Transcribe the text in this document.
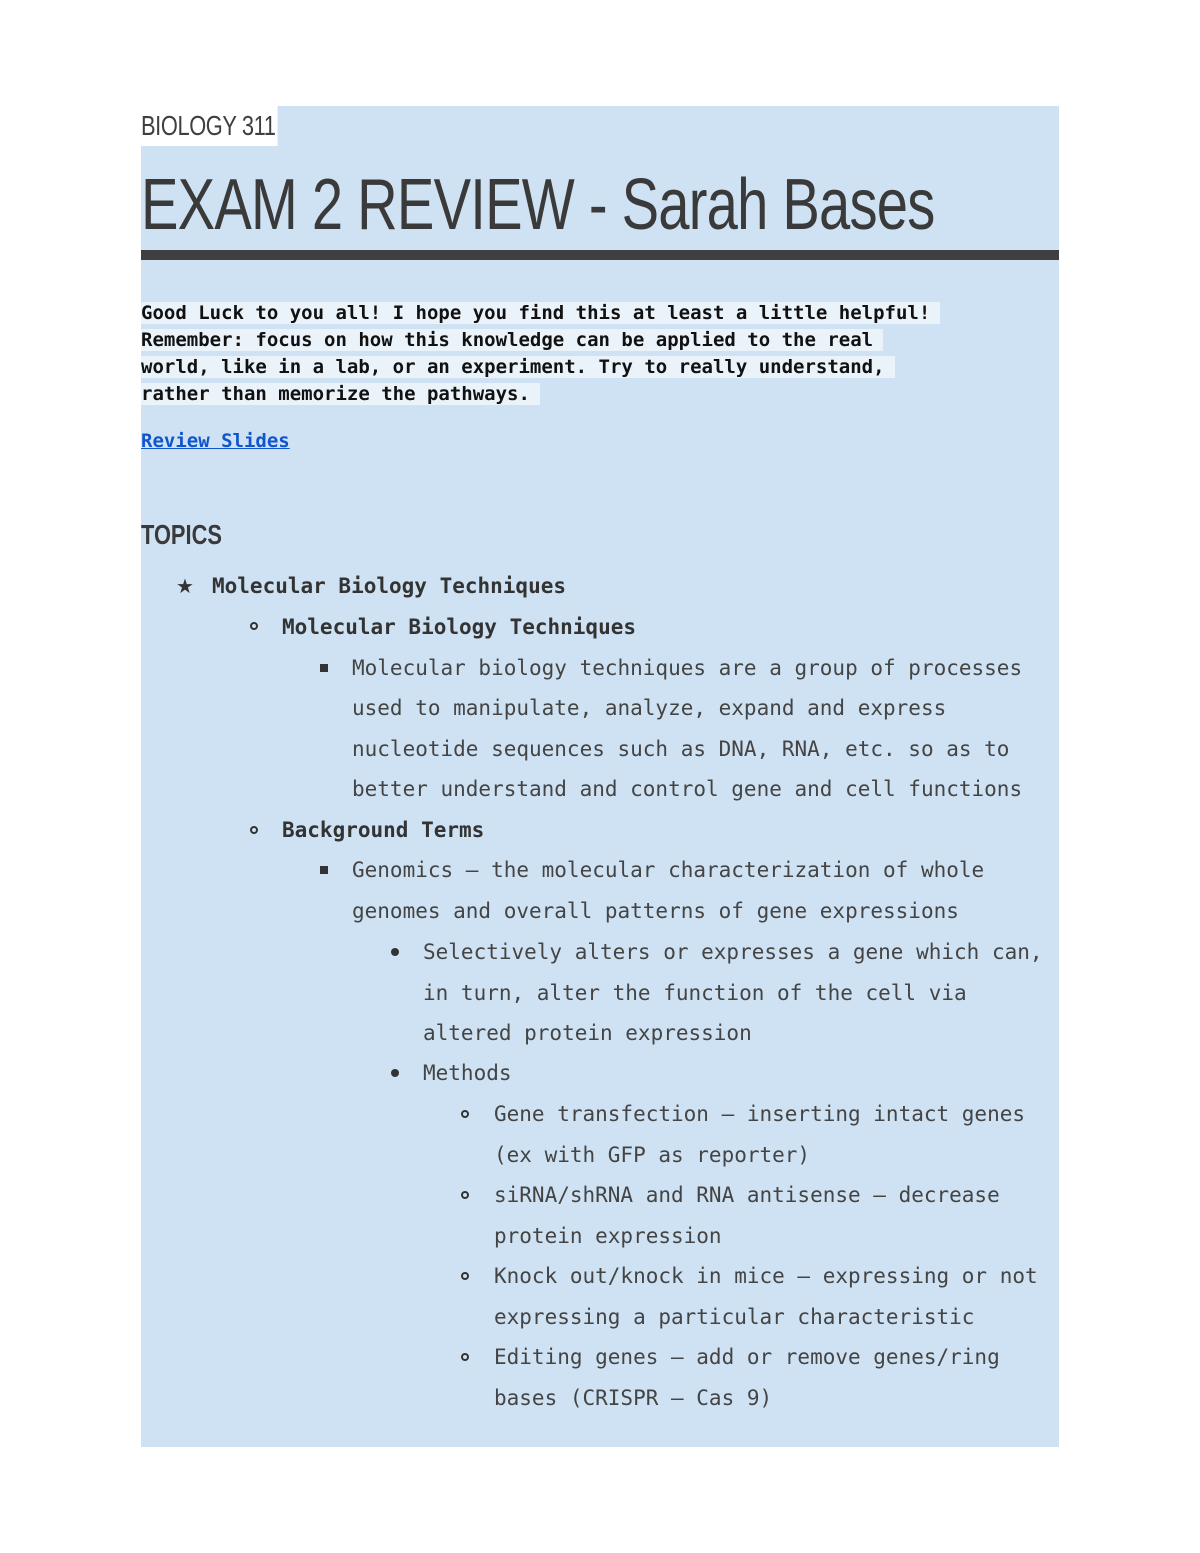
BIOLOGY 311
EXAM 2 REVIEW - Sarah Bases
Good Luck to you all! I hope you find this at least a little helpful!
Remember: focus on how this knowledge can be applied to the real
world, like in a lab, or an experiment. Try to really understand,
rather than memorize the pathways.
Review Slides
TOPICS
★ Molecular Biology Techniques
Molecular Biology Techniques
Molecular biology techniques are a group of processes
used to manipulate, analyze, expand and express
nucleotide sequences such as DNA, RNA, etc. so as to
better understand and control gene and cell functions
Background Terms
Genomics – the molecular characterization of whole
genomes and overall patterns of gene expressions
Selectively alters or expresses a gene which can,
in turn, alter the function of the cell via
altered protein expression
Methods
Gene transfection – inserting intact genes
(ex with GFP as reporter)
siRNA/shRNA and RNA antisense – decrease
protein expression
Knock out/knock in mice – expressing or not
expressing a particular characteristic
Editing genes – add or remove genes/ring
bases (CRISPR – Cas 9)
